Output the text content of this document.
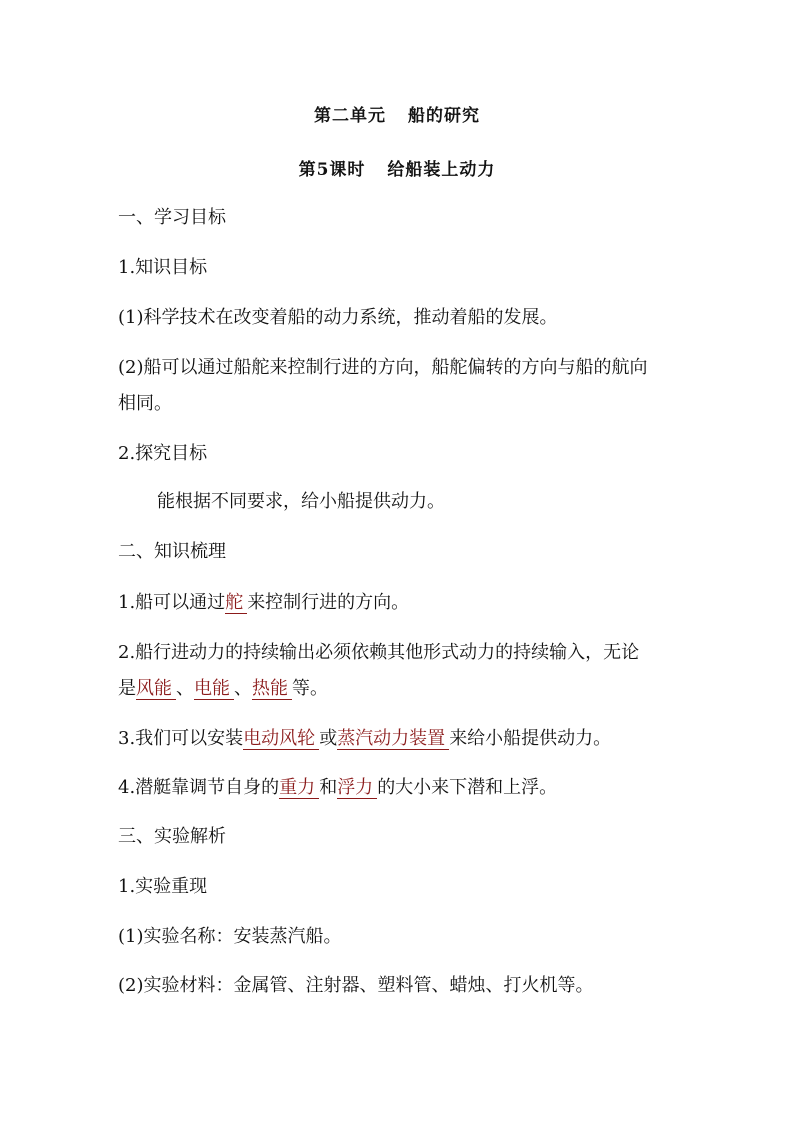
第二单元 船的研究
第5课时 给船装上动力
一、学习目标
1.知识目标
(1)科学技术在改变着船的动力系统，推动着船的发展。
(2)船可以通过船舵来控制行进的方向，船舵偏转的方向与船的航向
相同。
2.探究目标
能根据不同要求，给小船提供动力。
二、知识梳理
1.船可以通过舵 来控制行进的方向。
2.船行进动力的持续输出必须依赖其他形式动力的持续输入，无论
是风能 、电能 、热能 等。
3.我们可以安装电动风轮 或蒸汽动力装置 来给小船提供动力。
4.潜艇靠调节自身的重力 和浮力 的大小来下潜和上浮。
三、实验解析
1.实验重现
(1)实验名称：安装蒸汽船。
(2)实验材料：金属管、注射器、塑料管、蜡烛、打火机等。
